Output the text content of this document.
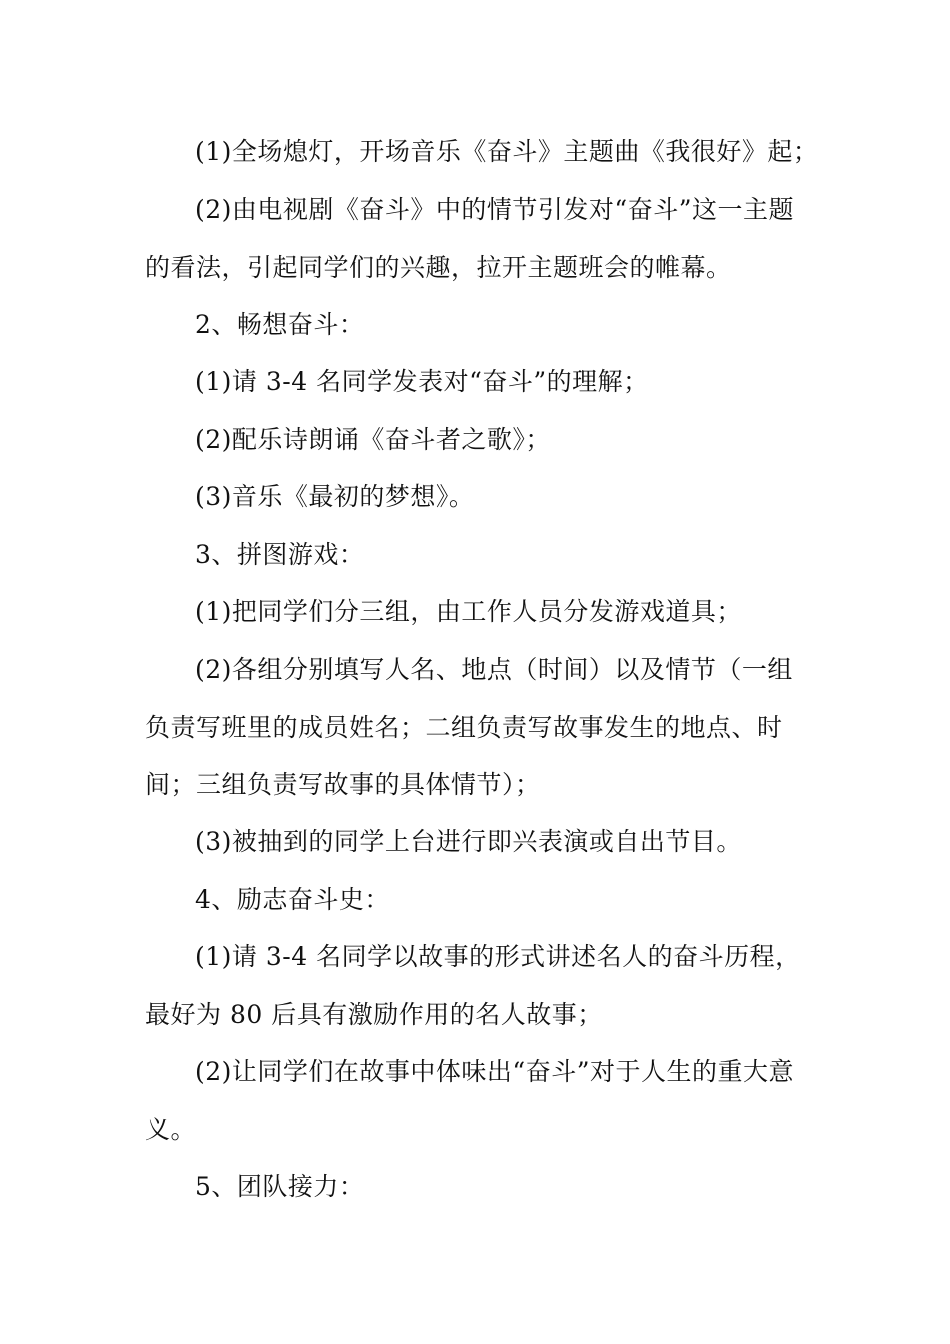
(1)全场熄灯，开场音乐《奋斗》主题曲《我很好》起；

(2)由电视剧《奋斗》中的情节引发对“奋斗”这一主题的看法，引起同学们的兴趣，拉开主题班会的帷幕。

2、畅想奋斗：

(1)请 3-4 名同学发表对“奋斗”的理解；

(2)配乐诗朗诵《奋斗者之歌》；

(3)音乐《最初的梦想》。

3、拼图游戏：

(1)把同学们分三组，由工作人员分发游戏道具；

(2)各组分别填写人名、地点（时间）以及情节（一组负责写班里的成员姓名；二组负责写故事发生的地点、时间；三组负责写故事的具体情节）；

(3)被抽到的同学上台进行即兴表演或自出节目。

4、励志奋斗史：

(1)请 3-4 名同学以故事的形式讲述名人的奋斗历程，最好为 80 后具有激励作用的名人故事；

(2)让同学们在故事中体味出“奋斗”对于人生的重大意义。

5、团队接力：
